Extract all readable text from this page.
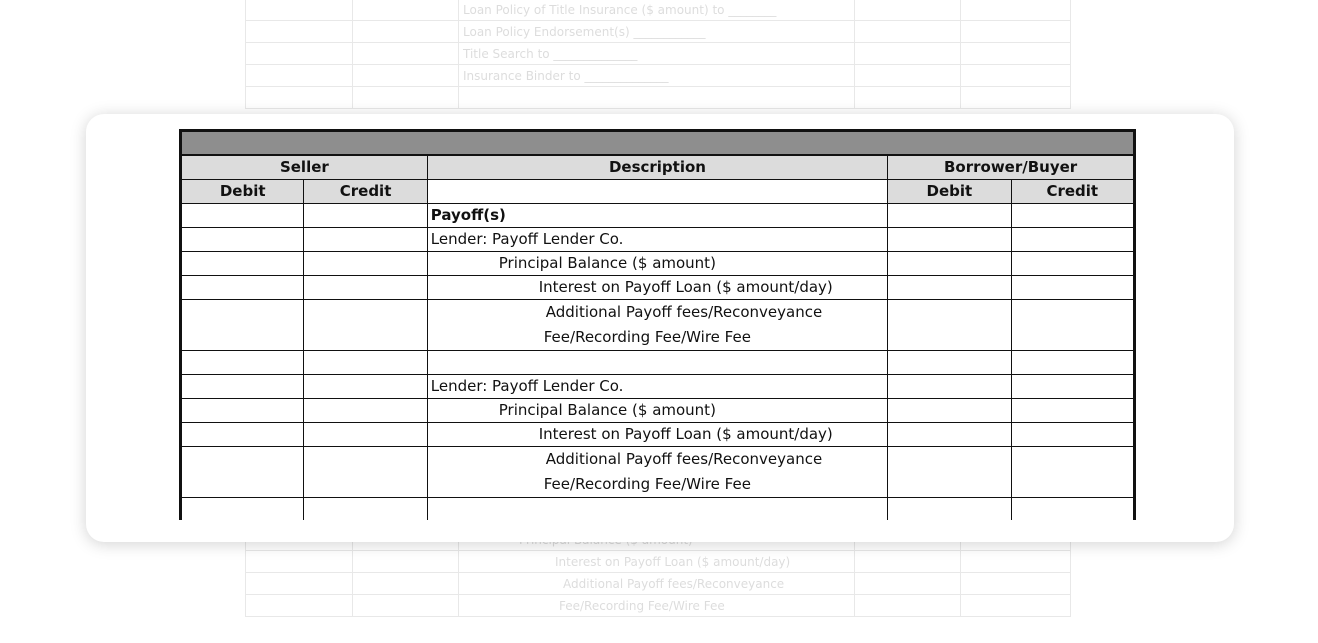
		Loan Policy of Title Insurance ($ amount) to ________		
		Loan Policy Endorsement(s) ____________		
		Title Search to ______________		
		Insurance Binder to ______________		

		Interest on Payoff Loan ($ amount/day)		
		Additional Payoff fees/Reconveyance		
		Fee/Recording Fee/Wire Fee		

Seller		Description	Borrower/Buyer	
Debit	Credit		Debit	Credit
		Payoff(s)		
		Lender: Payoff Lender Co.		
		Principal Balance ($ amount)		
		Interest on Payoff Loan ($ amount/day)		

		Additional Payoff fees/Reconveyance
Fee/Recording Fee/Wire Fee		

		Lender: Payoff Lender Co.		
		Principal Balance ($ amount)		
		Interest on Payoff Loan ($ amount/day)		

		Additional Payoff fees/Reconveyance
Fee/Recording Fee/Wire Fee		
